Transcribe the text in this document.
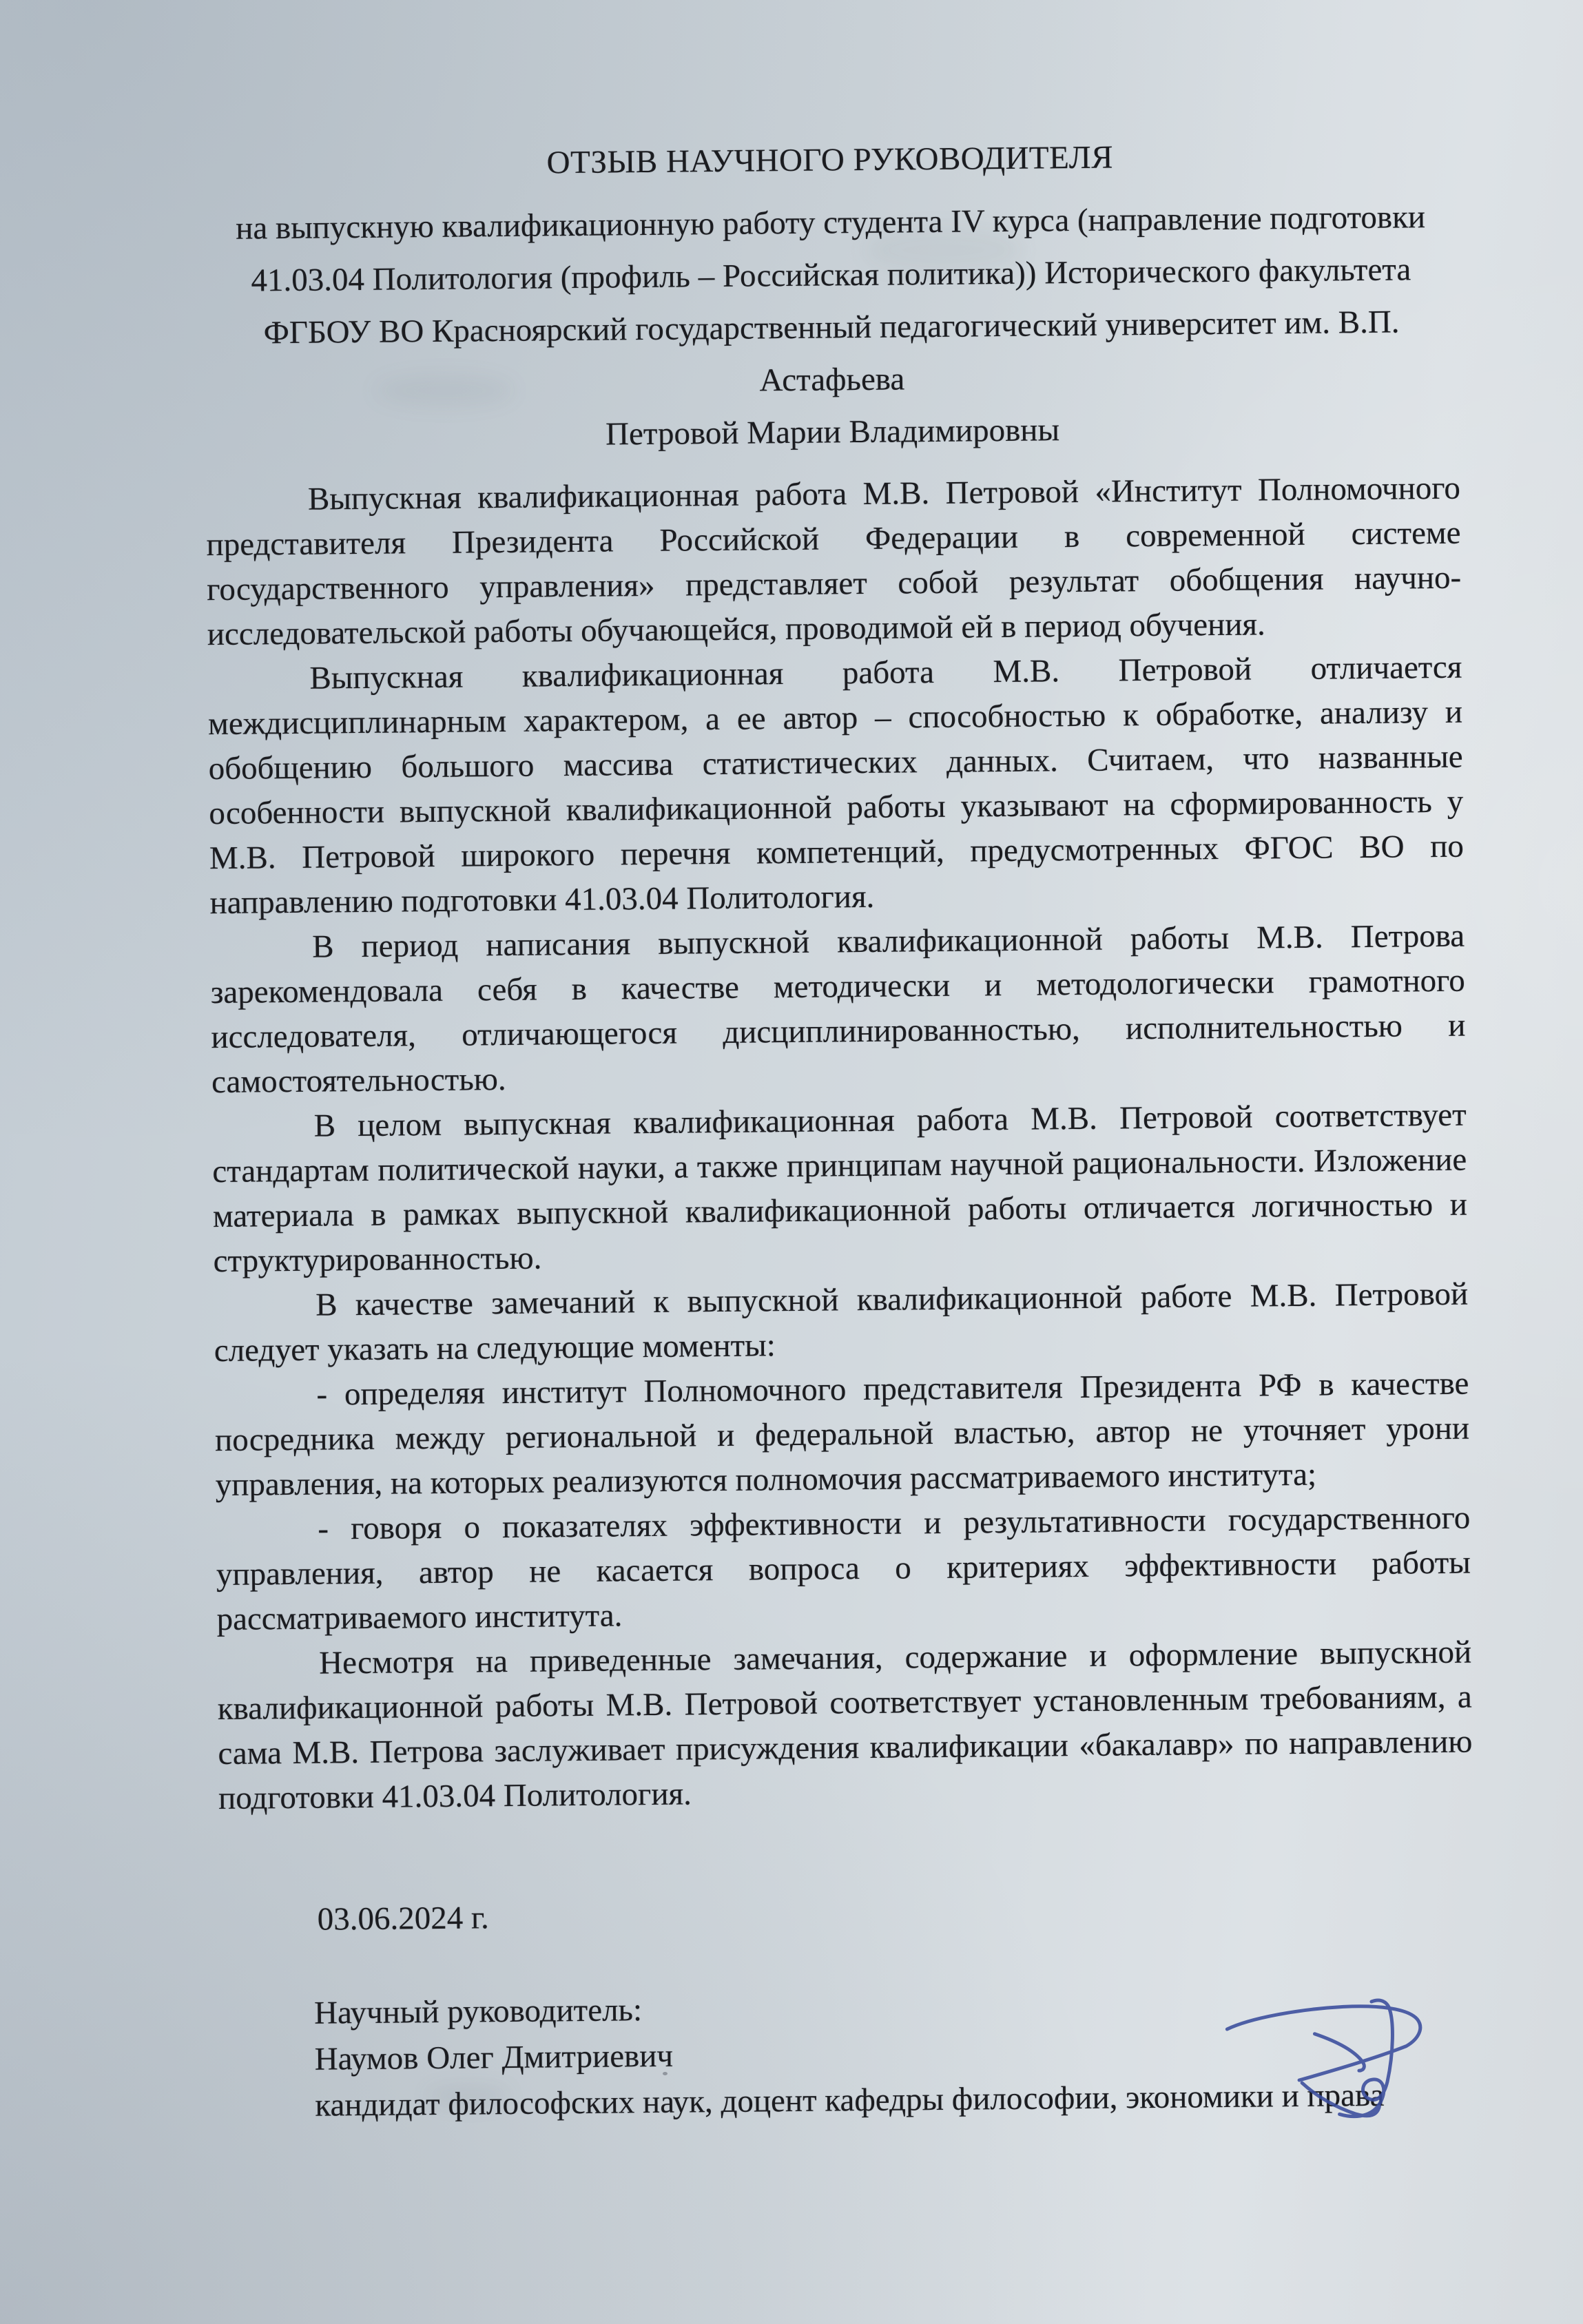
ОТЗЫВ НАУЧНОГО РУКОВОДИТЕЛЯ
на выпускную квалификационную работу студента IV курса (направление подготовки
41.03.04 Политология (профиль – Российская политика)) Исторического факультета
ФГБОУ ВО Красноярский государственный педагогический университет им. В.П.
Астафьева
Петровой Марии Владимировны

Выпускная квалификационная работа М.В. Петровой «Институт Полномочного представителя Президента Российской Федерации в современной системе государственного управления» представляет собой результат обобщения научно-исследовательской работы обучающейся, проводимой ей в период обучения.

Выпускная квалификационная работа М.В. Петровой отличается междисциплинарным характером, а ее автор – способностью к обработке, анализу и обобщению большого массива статистических данных. Считаем, что названные особенности выпускной квалификационной работы указывают на сформированность у М.В. Петровой широкого перечня компетенций, предусмотренных ФГОС ВО по направлению подготовки 41.03.04 Политология.

В период написания выпускной квалификационной работы М.В. Петрова зарекомендовала себя в качестве методически и методологически грамотного исследователя, отличающегося дисциплинированностью, исполнительностью и самостоятельностью.

В целом выпускная квалификационная работа М.В. Петровой соответствует стандартам политической науки, а также принципам научной рациональности. Изложение материала в рамках выпускной квалификационной работы отличается логичностью и структурированностью.

В качестве замечаний к выпускной квалификационной работе М.В. Петровой следует указать на следующие моменты:

- определяя институт Полномочного представителя Президента РФ в качестве посредника между региональной и федеральной властью, автор не уточняет урони управления, на которых реализуются полномочия рассматриваемого института;

- говоря о показателях эффективности и результативности государственного управления, автор не касается вопроса о критериях эффективности работы рассматриваемого института.

Несмотря на приведенные замечания, содержание и оформление выпускной квалификационной работы М.В. Петровой соответствует установленным требованиям, а сама М.В. Петрова заслуживает присуждения квалификации «бакалавр» по направлению подготовки 41.03.04 Политология.

03.06.2024 г.

Научный руководитель:

Наумов Олег Дмитриевич

кандидат философских наук, доцент кафедры философии, экономики и права
